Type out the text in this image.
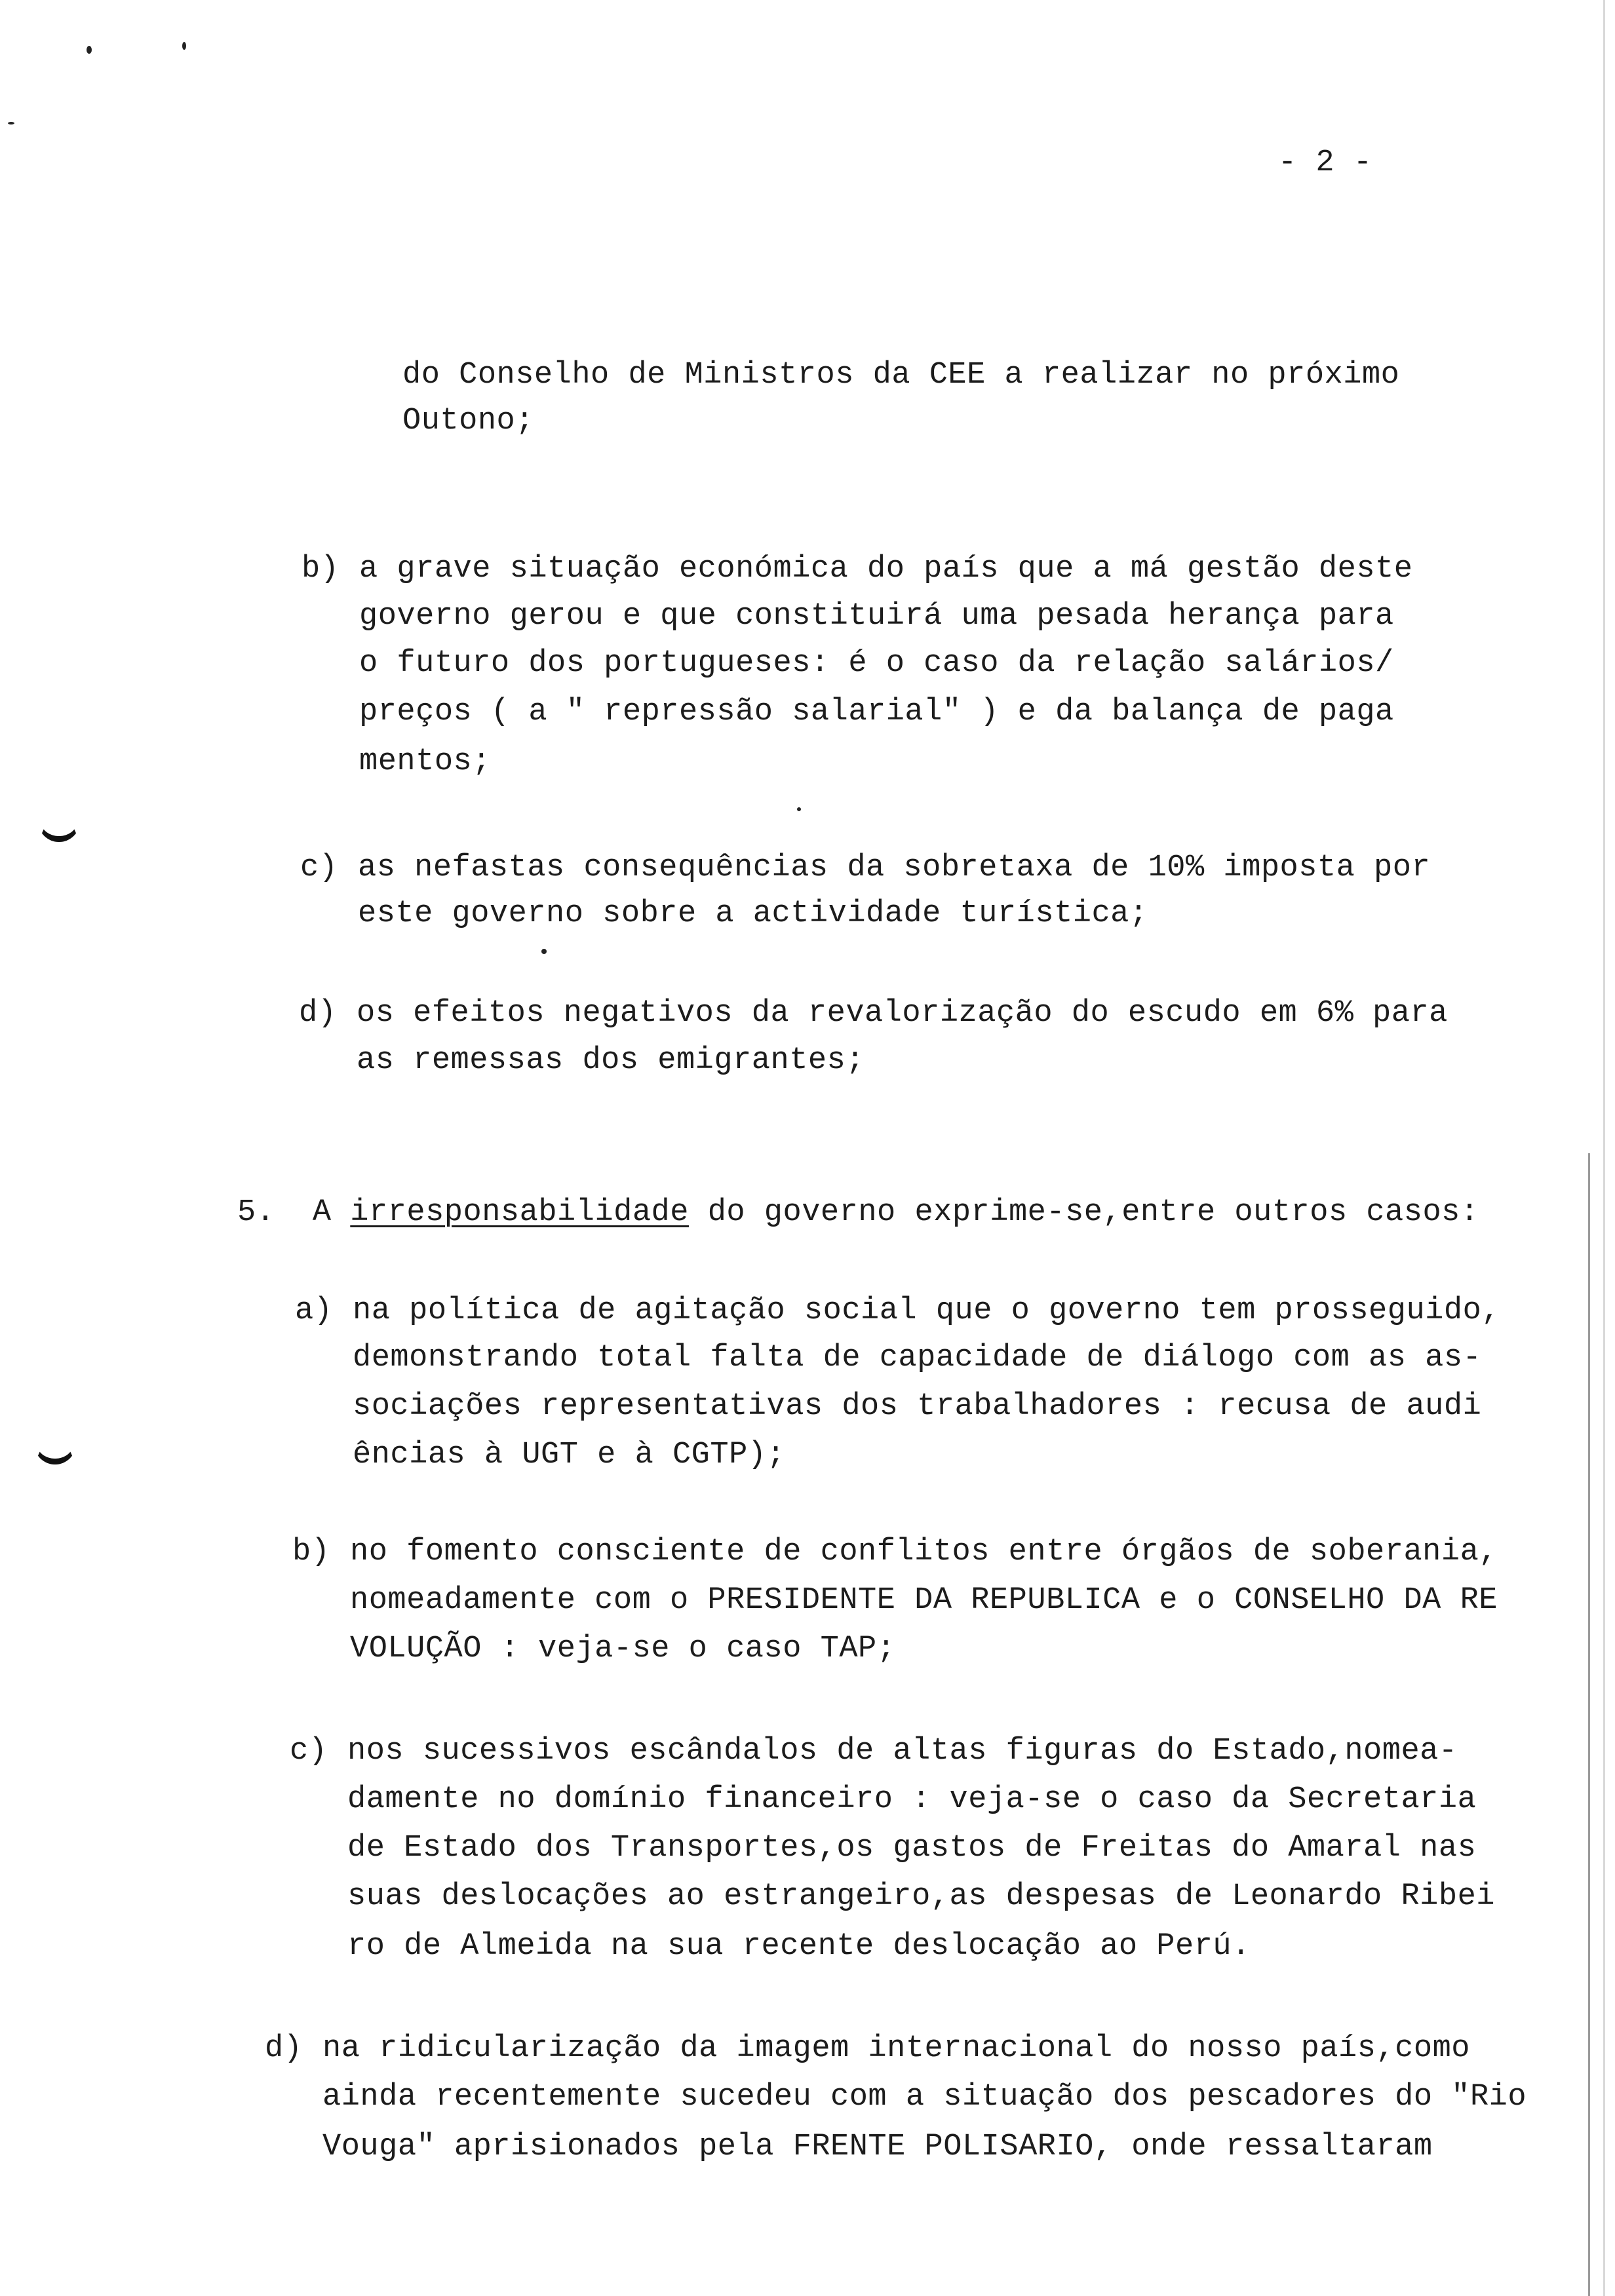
- 2 -
do Conselho de Ministros da CEE a realizar no próximo
Outono;
b) a grave situação económica do país que a má gestão deste
governo gerou e que constituirá uma pesada herança para
o futuro dos portugueses: é o caso da relação salários/
preços ( a " repressão salarial" ) e da balança de paga
mentos;
c) as nefastas consequências da sobretaxa de 10% imposta por
este governo sobre a actividade turística;
d) os efeitos negativos da revalorização do escudo em 6% para
as remessas dos emigrantes;
5. A irresponsabilidade do governo exprime-se,entre outros casos:
a) na política de agitação social que o governo tem prosseguido,
demonstrando total falta de capacidade de diálogo com as as-
sociações representativas dos trabalhadores : recusa de audi
ências à UGT e à CGTP);
b) no fomento consciente de conflitos entre órgãos de soberania,
nomeadamente com o PRESIDENTE DA REPUBLICA e o CONSELHO DA RE
VOLUÇÃO : veja-se o caso TAP;
c) nos sucessivos escândalos de altas figuras do Estado,nomea-
damente no domínio financeiro : veja-se o caso da Secretaria
de Estado dos Transportes,os gastos de Freitas do Amaral nas
suas deslocações ao estrangeiro,as despesas de Leonardo Ribei
ro de Almeida na sua recente deslocação ao Perú.
d) na ridicularização da imagem internacional do nosso país,como
ainda recentemente sucedeu com a situação dos pescadores do "Rio
Vouga" aprisionados pela FRENTE POLISARIO, onde ressaltaram
